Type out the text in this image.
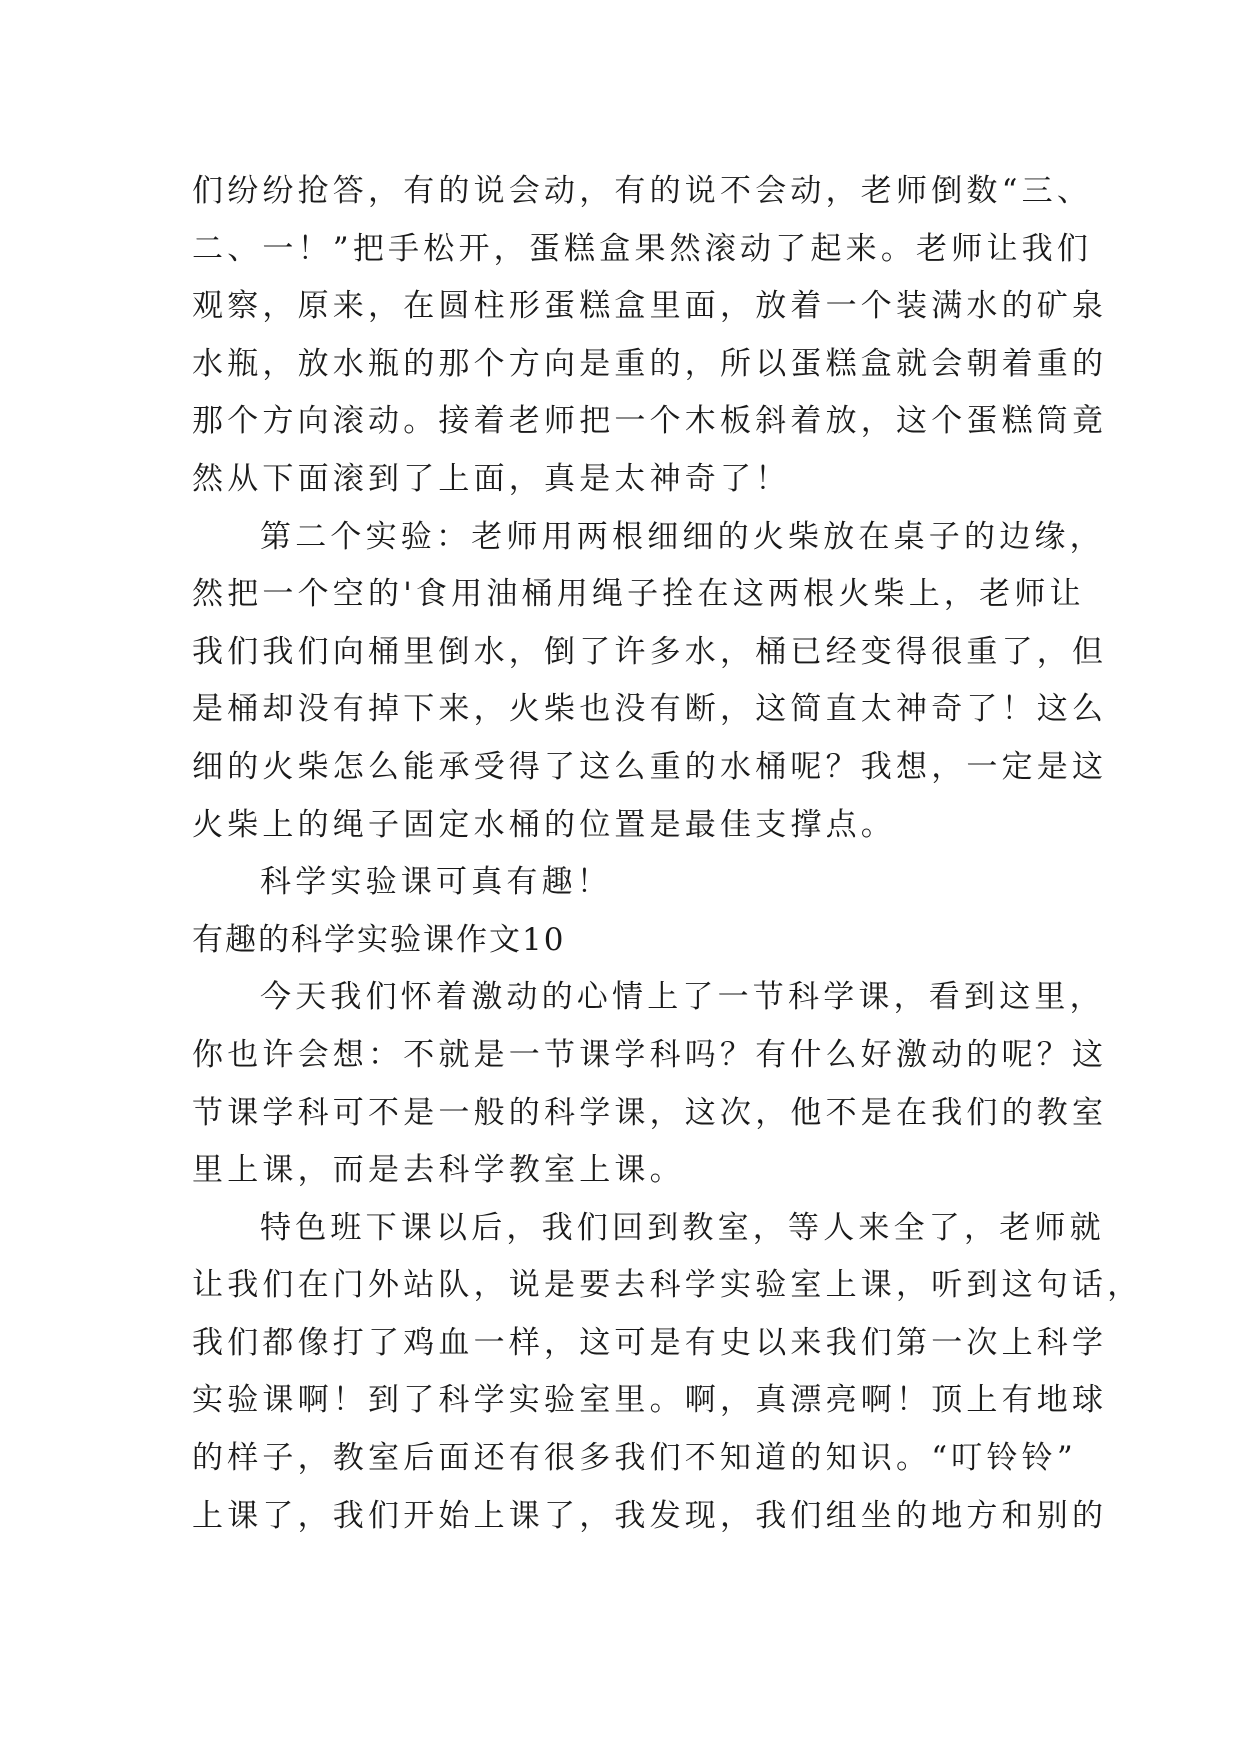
们纷纷抢答，有的说会动，有的说不会动，老师倒数“三、
二、一！”把手松开，蛋糕盒果然滚动了起来。老师让我们
观察，原来，在圆柱形蛋糕盒里面，放着一个装满水的矿泉
水瓶，放水瓶的那个方向是重的，所以蛋糕盒就会朝着重的
那个方向滚动。接着老师把一个木板斜着放，这个蛋糕筒竟
然从下面滚到了上面，真是太神奇了！
第二个实验：老师用两根细细的火柴放在桌子的边缘，
然把一个空的'食用油桶用绳子拴在这两根火柴上，老师让
我们我们向桶里倒水，倒了许多水，桶已经变得很重了，但
是桶却没有掉下来，火柴也没有断，这简直太神奇了！这么
细的火柴怎么能承受得了这么重的水桶呢？我想，一定是这
火柴上的绳子固定水桶的位置是最佳支撑点。
科学实验课可真有趣！
有趣的科学实验课作文10
今天我们怀着激动的心情上了一节科学课，看到这里，
你也许会想：不就是一节课学科吗？有什么好激动的呢？这
节课学科可不是一般的科学课，这次，他不是在我们的教室
里上课，而是去科学教室上课。
特色班下课以后，我们回到教室，等人来全了，老师就
让我们在门外站队，说是要去科学实验室上课，听到这句话，
我们都像打了鸡血一样，这可是有史以来我们第一次上科学
实验课啊！到了科学实验室里。啊，真漂亮啊！顶上有地球
的样子，教室后面还有很多我们不知道的知识。“叮铃铃”
上课了，我们开始上课了，我发现，我们组坐的地方和别的
